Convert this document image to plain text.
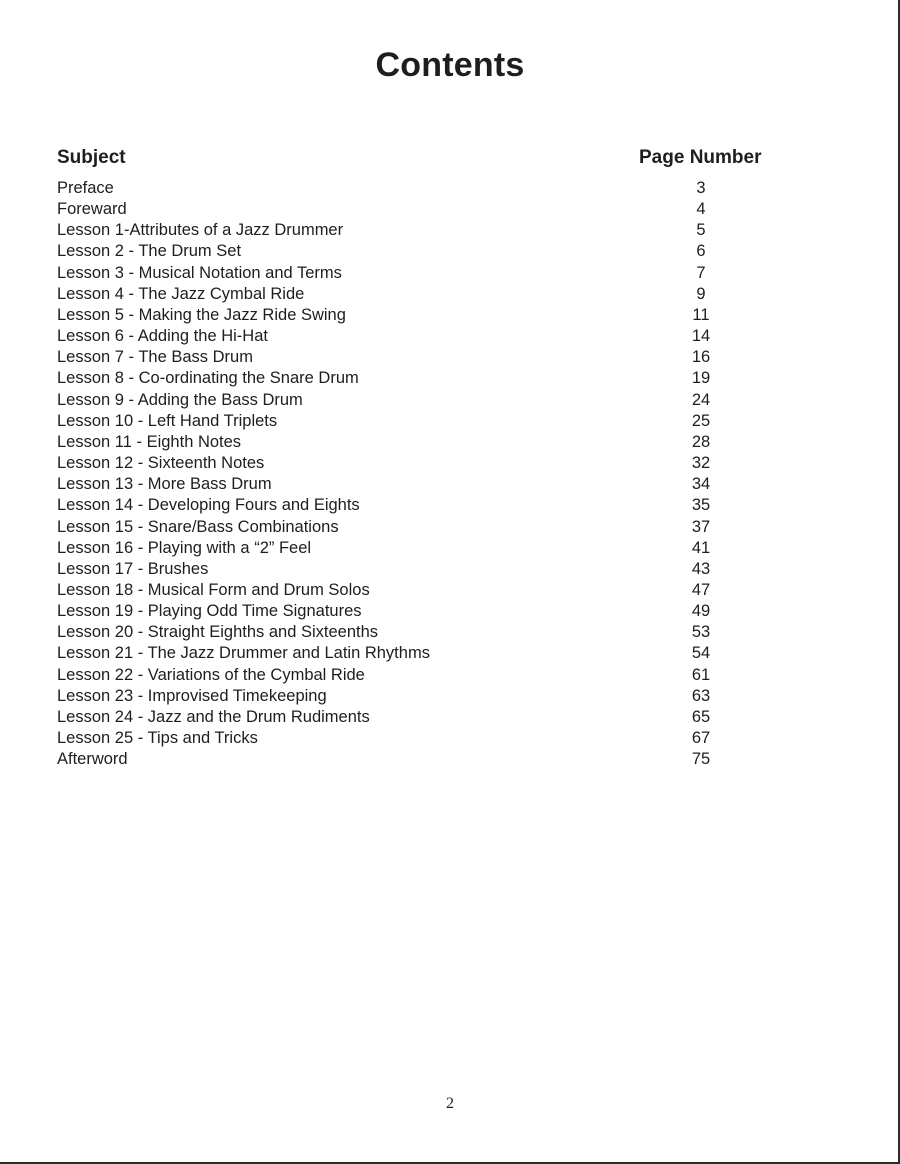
Contents
Subject	Page Number
Preface	3
Foreward	4
Lesson 1-Attributes of a Jazz Drummer	5
Lesson 2 - The Drum Set	6
Lesson 3 - Musical Notation and Terms	7
Lesson 4 - The Jazz Cymbal Ride	9
Lesson 5 - Making the Jazz Ride Swing	11
Lesson 6 - Adding the Hi-Hat	14
Lesson 7 - The Bass Drum	16
Lesson 8 - Co-ordinating the Snare Drum	19
Lesson 9 - Adding the Bass Drum	24
Lesson 10 - Left Hand Triplets	25
Lesson 11 - Eighth Notes	28
Lesson 12 - Sixteenth Notes	32
Lesson 13 - More Bass Drum	34
Lesson 14 - Developing Fours and Eights	35
Lesson 15 - Snare/Bass Combinations	37
Lesson 16 - Playing with a “2” Feel	41
Lesson 17 - Brushes	43
Lesson 18 - Musical Form and Drum Solos	47
Lesson 19 - Playing Odd Time Signatures	49
Lesson 20 - Straight Eighths and Sixteenths	53
Lesson 21 - The Jazz Drummer and Latin Rhythms	54
Lesson 22 - Variations of the Cymbal Ride	61
Lesson 23 - Improvised Timekeeping	63
Lesson 24 - Jazz and the Drum Rudiments	65
Lesson 25 - Tips and Tricks	67
Afterword	75
2
